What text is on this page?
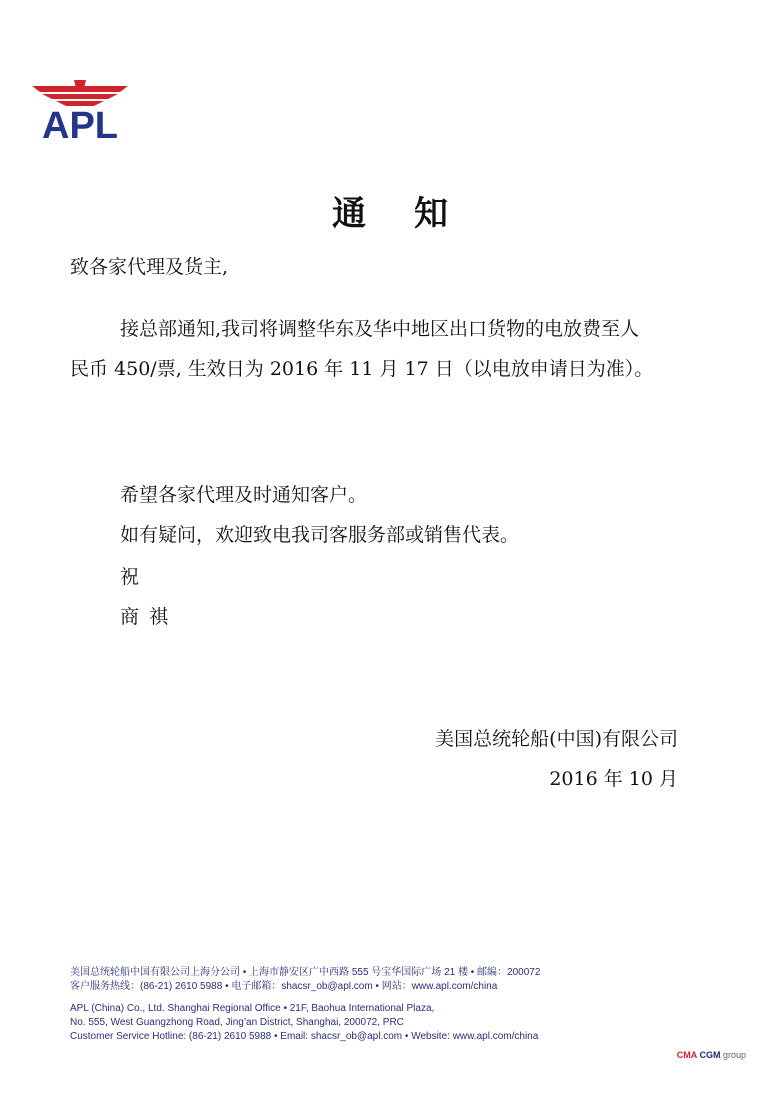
APL
通知
致各家代理及货主,
接总部通知,我司将调整华东及华中地区出口货物的电放费至人
民币 450/票, 生效日为 2016 年 11 月 17 日（以电放申请日为准）。
希望各家代理及时通知客户。
如有疑问，欢迎致电我司客服务部或销售代表。
祝
商祺
美国总统轮船(中国)有限公司
2016 年 10 月
美国总统轮船中国有限公司上海分公司 • 上海市静安区广中西路 555 号宝华国际广场 21 楼 • 邮编：200072
客户服务热线：(86-21) 2610 5988 • 电子邮箱：shacsr_ob@apl.com • 网站：www.apl.com/china
APL (China) Co., Ltd. Shanghai Regional Office • 21F, Baohua International Plaza,
No. 555, West Guangzhong Road, Jing’an District, Shanghai, 200072, PRC
Customer Service Hotline: (86-21) 2610 5988 • Email: shacsr_ob@apl.com • Website: www.apl.com/china
CMA CGM group
